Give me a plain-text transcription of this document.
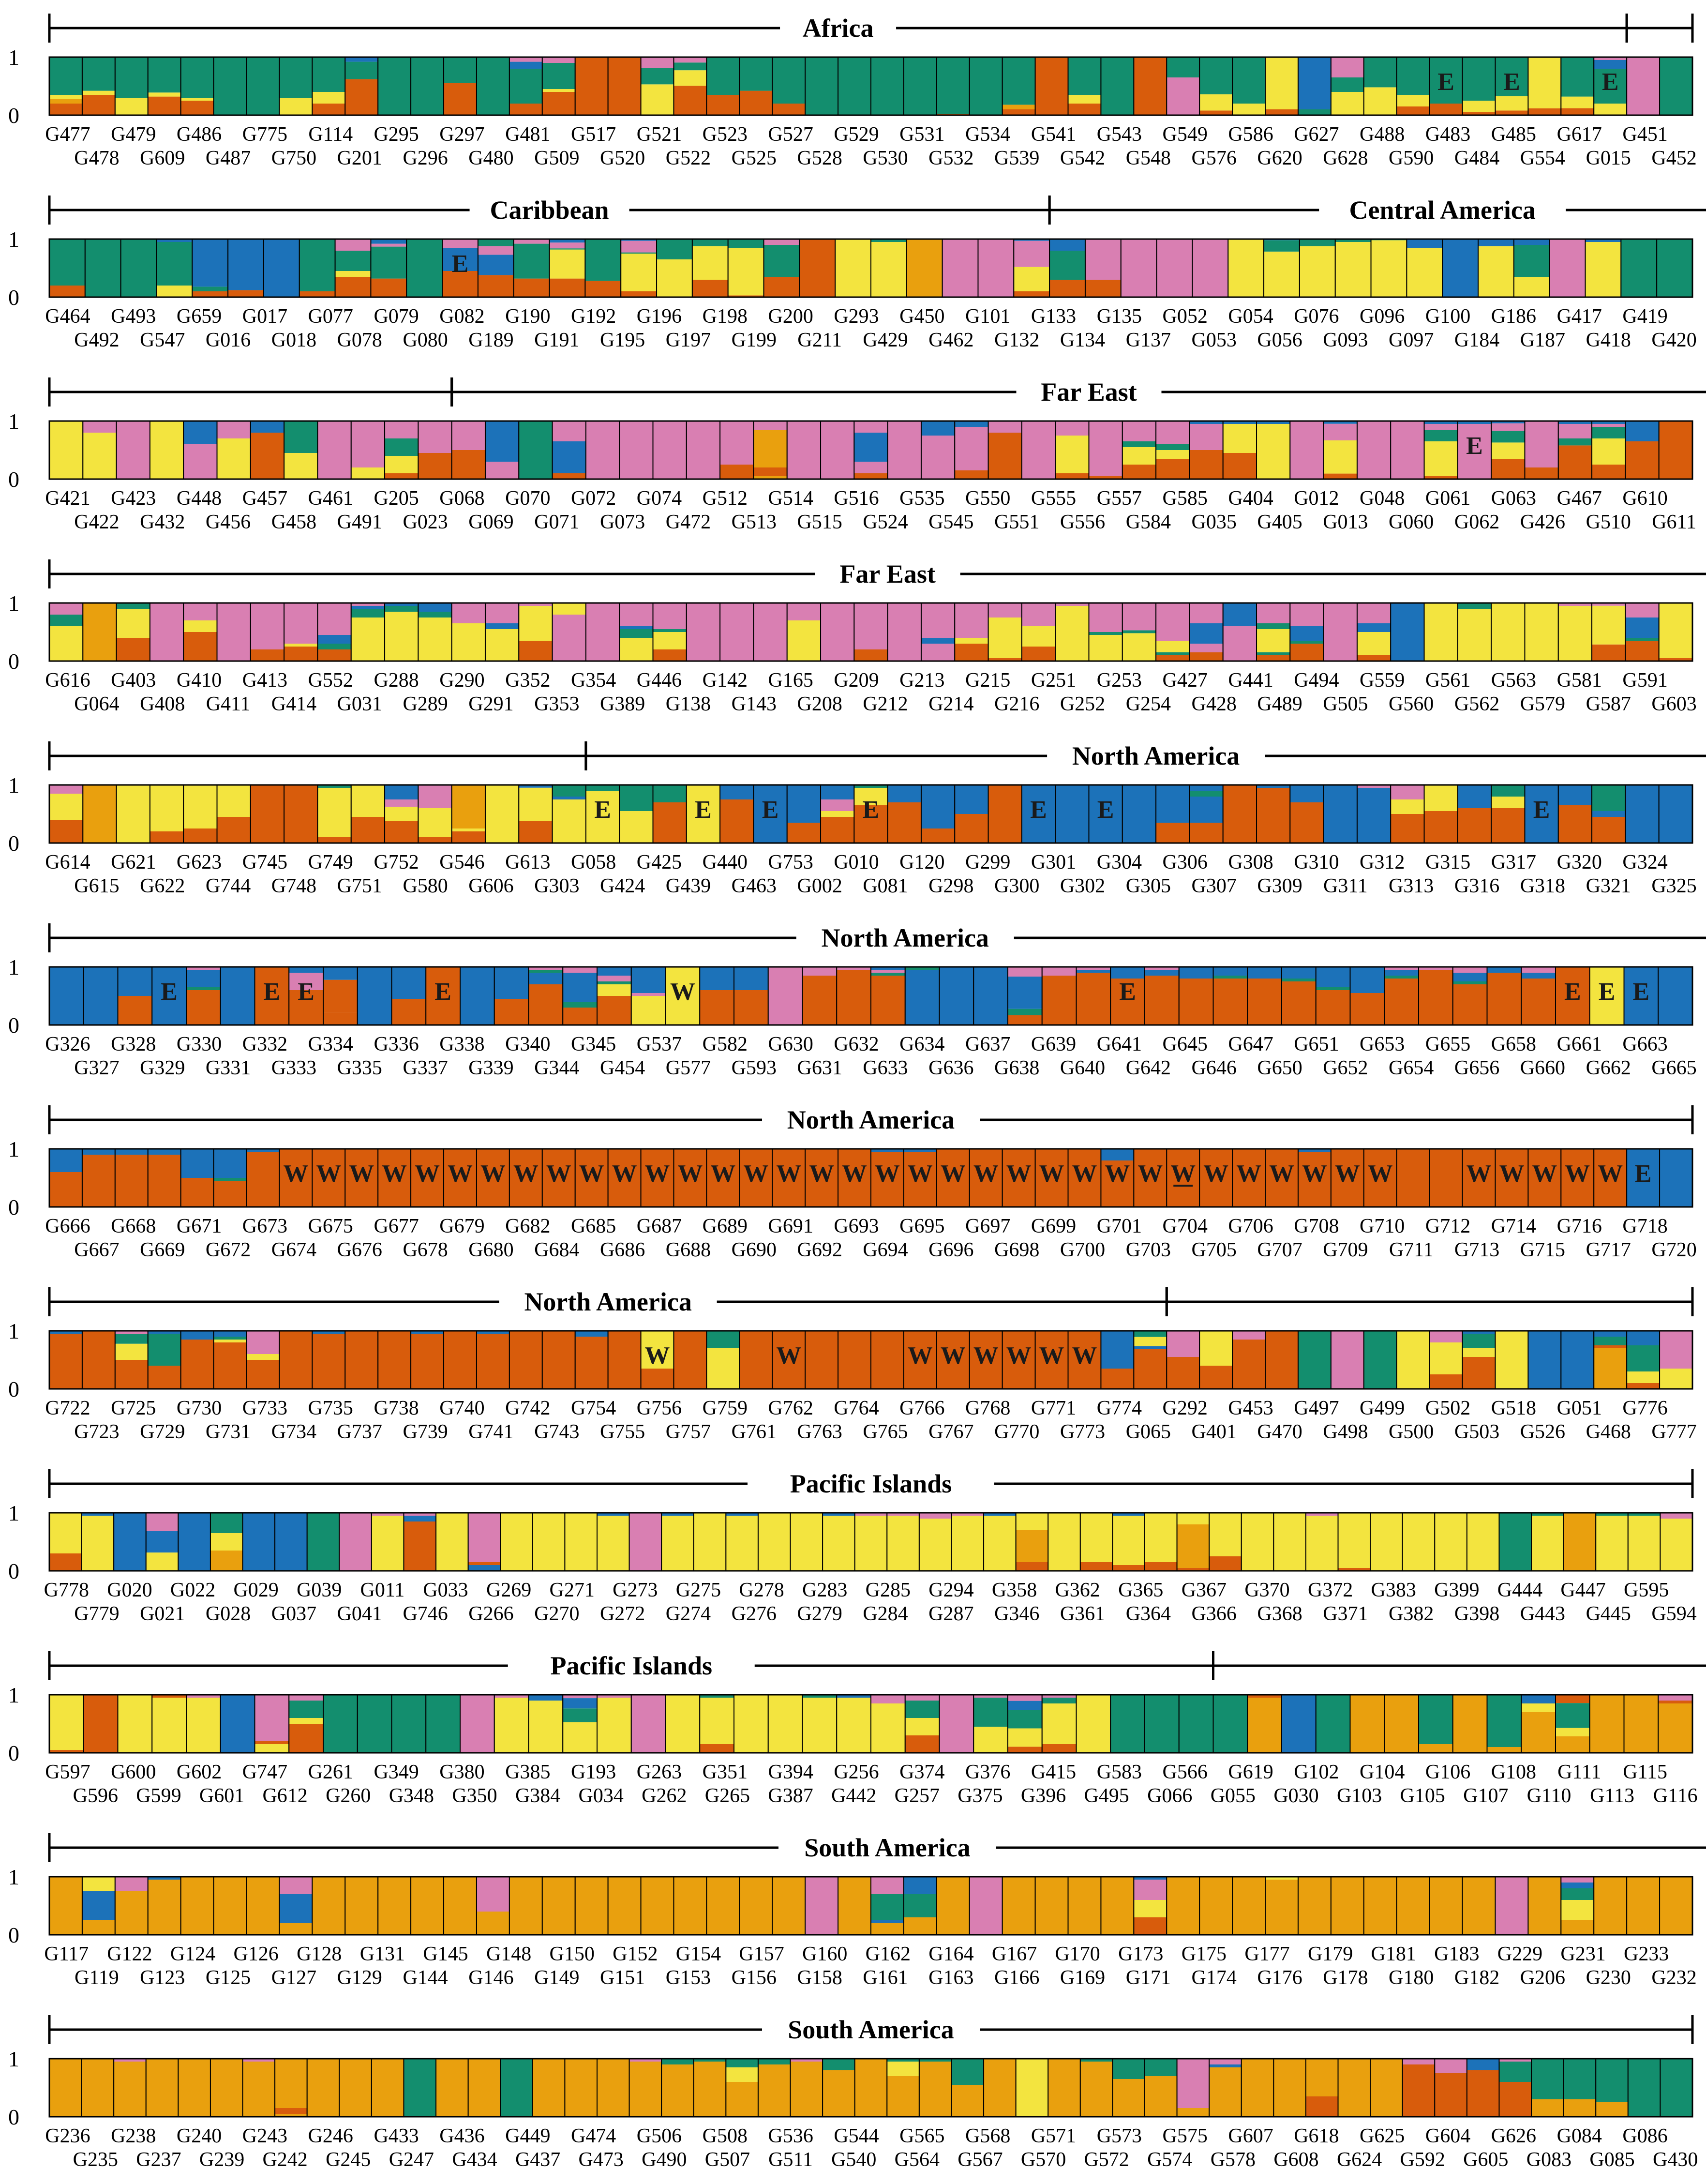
1
0
E E	E
G477 G479 G486 G775 G114 G295 G297 G481 G517 G521 G523 G527 G529 G531 G534 G541 G543 G549 G586 G627 G488 G483 G485 G617 G451
G478 G609 G487 G750 G201 G296 G480 G509 G520 G522 G525 G528 G530 G532 G539 G542 G548 G576 G620 G628 G590 G484 G554 G015 G452
Africa
1
0
E
G464 G493 G659 G017 G077 G079 G082 G190 G192 G196 G198 G200 G293 G450 G101 G133 G135 G052 G054 G076 G096 G100 G186 G417 G419
G492 G547 G016 G018 G078 G080 G189 G191 G195 G197 G199 G211 G429 G462 G132 G134 G137 G053 G056 G093 G097 G184 G187 G418 G420
Caribbean	Central America
1
0
E
G421 G423 G448 G457 G461 G205 G068 G070 G072 G074 G512 G514 G516 G535 G550 G555 G557 G585 G404 G012 G048 G061 G063 G467 G610
G422 G432 G456 G458 G491 G023 G069 G071 G073 G472 G513 G515 G524 G545 G551 G556 G584 G035 G405 G013 G060 G062 G426 G510 G611
Far East
1
0
G616 G403 G410 G413 G552 G288 G290 G352 G354 G446 G142 G165 G209 G213 G215 G251 G253 G427 G441 G494 G559 G561 G563 G581 G591
G064 G408 G411 G414 G031 G289 G291 G353 G389 G138 G143 G208 G212 G214 G216 G252 G254 G428 G489 G505 G560 G562 G579 G587 G603
Far East
1
0
E	E E	E	E E	E
G614 G621 G623 G745 G749 G752 G546 G613 G058 G425 G440 G753 G010 G120 G299 G301 G304 G306 G308 G310 G312 G315 G317 G320 G324
G615 G622 G744 G748 G751 G580 G606 G303 G424 G439 G463 G002 G081 G298 G300 G302 G305 G307 G309 G311 G313 G316 G318 G321 G325
North America
1
0
E	E E	E	W	E	E E E
G326 G328 G330 G332 G334 G336 G338 G340 G345 G537 G582 G630 G632 G634 G637 G639 G641 G645 G647 G651 G653 G655 G658 G661 G663
G327 G329 G331 G333 G335 G337 G339 G344 G454 G577 G593 G631 G633 G636 G638 G640 G642 G646 G650 G652 G654 G656 G660 G662 G665
North America
1
0
W W W W W W W W W W W W W W W W W W W W W W W W W W W W W W W W W W	W W W W W E
G666 G668 G671 G673 G675 G677 G679 G682 G685 G687 G689 G691 G693 G695 G697 G699 G701 G704 G706 G708 G710 G712 G714 G716 G718
G667 G669 G672 G674 G676 G678 G680 G684 G686 G688 G690 G692 G694 G696 G698 G700 G703 G705 G707 G709 G711 G713 G715 G717 G720
North America
1
0
W	W	W W W W W W
G722 G725 G730 G733 G735 G738 G740 G742 G754 G756 G759 G762 G764 G766 G768 G771 G774 G292 G453 G497 G499 G502 G518 G051 G776
G723 G729 G731 G734 G737 G739 G741 G743 G755 G757 G761 G763 G765 G767 G770 G773 G065 G401 G470 G498 G500 G503 G526 G468 G777
North America
1
0
G778 G020 G022 G029 G039 G011 G033 G269 G271 G273 G275 G278 G283 G285 G294 G358 G362 G365 G367 G370 G372 G383 G399 G444 G447 G595
G779 G021 G028 G037 G041 G746 G266 G270 G272 G274 G276 G279 G284 G287 G346 G361 G364 G366 G368 G371 G382 G398 G443 G445 G594
Pacific Islands
1
0
G597 G600 G602 G747 G261 G349 G380 G385 G193 G263 G351 G394 G256 G374 G376 G415 G583 G566 G619 G102 G104 G106 G108 G111 G115
G596 G599 G601 G612 G260 G348 G350 G384 G034 G262 G265 G387 G442 G257 G375 G396 G495 G066 G055 G030 G103 G105 G107 G110 G113 G116
Pacific Islands
1
0
G117 G122 G124 G126 G128 G131 G145 G148 G150 G152 G154 G157 G160 G162 G164 G167 G170 G173 G175 G177 G179 G181 G183 G229 G231 G233
G119 G123 G125 G127 G129 G144 G146 G149 G151 G153 G156 G158 G161 G163 G166 G169 G171 G174 G176 G178 G180 G182 G206 G230 G232
South America
1
0
G236 G238 G240 G243 G246 G433 G436 G449 G474 G506 G508 G536 G544 G565 G568 G571 G573 G575 G607 G618 G625 G604 G626 G084 G086
G235 G237 G239 G242 G245 G247 G434 G437 G473 G490 G507 G511 G540 G564 G567 G570 G572 G574 G578 G608 G624 G592 G605 G083 G085 G430
South America
